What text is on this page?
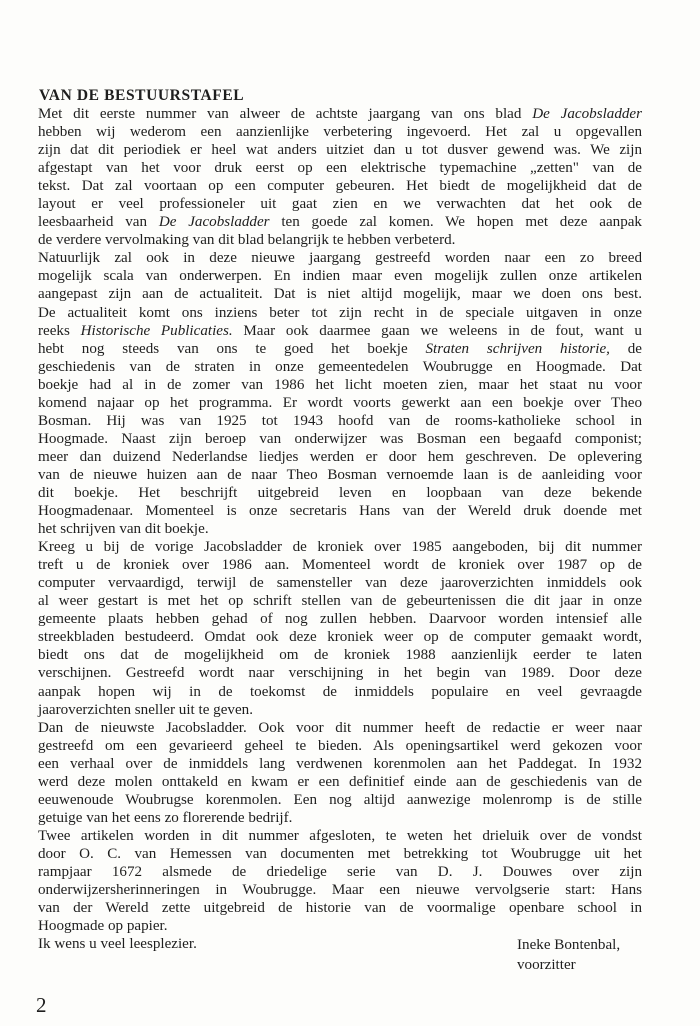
VAN DE BESTUURSTAFEL
Met dit eerste nummer van alweer de achtste jaargang van ons blad De Jacobsladder
hebben wij wederom een aanzienlijke verbetering ingevoerd. Het zal u opgevallen
zijn dat dit periodiek er heel wat anders uitziet dan u tot dusver gewend was. We zijn
afgestapt van het voor druk eerst op een elektrische typemachine „zetten" van de
tekst. Dat zal voortaan op een computer gebeuren. Het biedt de mogelijkheid dat de
layout er veel professioneler uit gaat zien en we verwachten dat het ook de
leesbaarheid van De Jacobsladder ten goede zal komen. We hopen met deze aanpak
de verdere vervolmaking van dit blad belangrijk te hebben verbeterd.
Natuurlijk zal ook in deze nieuwe jaargang gestreefd worden naar een zo breed
mogelijk scala van onderwerpen. En indien maar even mogelijk zullen onze artikelen
aangepast zijn aan de actualiteit. Dat is niet altijd mogelijk, maar we doen ons best.
De actualiteit komt ons inziens beter tot zijn recht in de speciale uitgaven in onze
reeks Historische Publicaties. Maar ook daarmee gaan we weleens in de fout, want u
hebt nog steeds van ons te goed het boekje Straten schrijven historie, de
geschiedenis van de straten in onze gemeentedelen Woubrugge en Hoogmade. Dat
boekje had al in de zomer van 1986 het licht moeten zien, maar het staat nu voor
komend najaar op het programma. Er wordt voorts gewerkt aan een boekje over Theo
Bosman. Hij was van 1925 tot 1943 hoofd van de rooms-katholieke school in
Hoogmade. Naast zijn beroep van onderwijzer was Bosman een begaafd componist;
meer dan duizend Nederlandse liedjes werden er door hem geschreven. De oplevering
van de nieuwe huizen aan de naar Theo Bosman vernoemde laan is de aanleiding voor
dit boekje. Het beschrijft uitgebreid leven en loopbaan van deze bekende
Hoogmadenaar. Momenteel is onze secretaris Hans van der Wereld druk doende met
het schrijven van dit boekje.
Kreeg u bij de vorige Jacobsladder de kroniek over 1985 aangeboden, bij dit nummer
treft u de kroniek over 1986 aan. Momenteel wordt de kroniek over 1987 op de
computer vervaardigd, terwijl de samensteller van deze jaaroverzichten inmiddels ook
al weer gestart is met het op schrift stellen van de gebeurtenissen die dit jaar in onze
gemeente plaats hebben gehad of nog zullen hebben. Daarvoor worden intensief alle
streekbladen bestudeerd. Omdat ook deze kroniek weer op de computer gemaakt wordt,
biedt ons dat de mogelijkheid om de kroniek 1988 aanzienlijk eerder te laten
verschijnen. Gestreefd wordt naar verschijning in het begin van 1989. Door deze
aanpak hopen wij in de toekomst de inmiddels populaire en veel gevraagde
jaaroverzichten sneller uit te geven.
Dan de nieuwste Jacobsladder. Ook voor dit nummer heeft de redactie er weer naar
gestreefd om een gevarieerd geheel te bieden. Als openingsartikel werd gekozen voor
een verhaal over de inmiddels lang verdwenen korenmolen aan het Paddegat. In 1932
werd deze molen onttakeld en kwam er een definitief einde aan de geschiedenis van de
eeuwenoude Woubrugse korenmolen. Een nog altijd aanwezige molenromp is de stille
getuige van het eens zo florerende bedrijf.
Twee artikelen worden in dit nummer afgesloten, te weten het drieluik over de vondst
door O. C. van Hemessen van documenten met betrekking tot Woubrugge uit het
rampjaar 1672 alsmede de driedelige serie van D. J. Douwes over zijn
onderwijzersherinneringen in Woubrugge. Maar een nieuwe vervolgserie start: Hans
van der Wereld zette uitgebreid de historie van de voormalige openbare school in
Hoogmade op papier.
Ik wens u veel leesplezier.	Ineke Bontenbal,
voorzitter
2
